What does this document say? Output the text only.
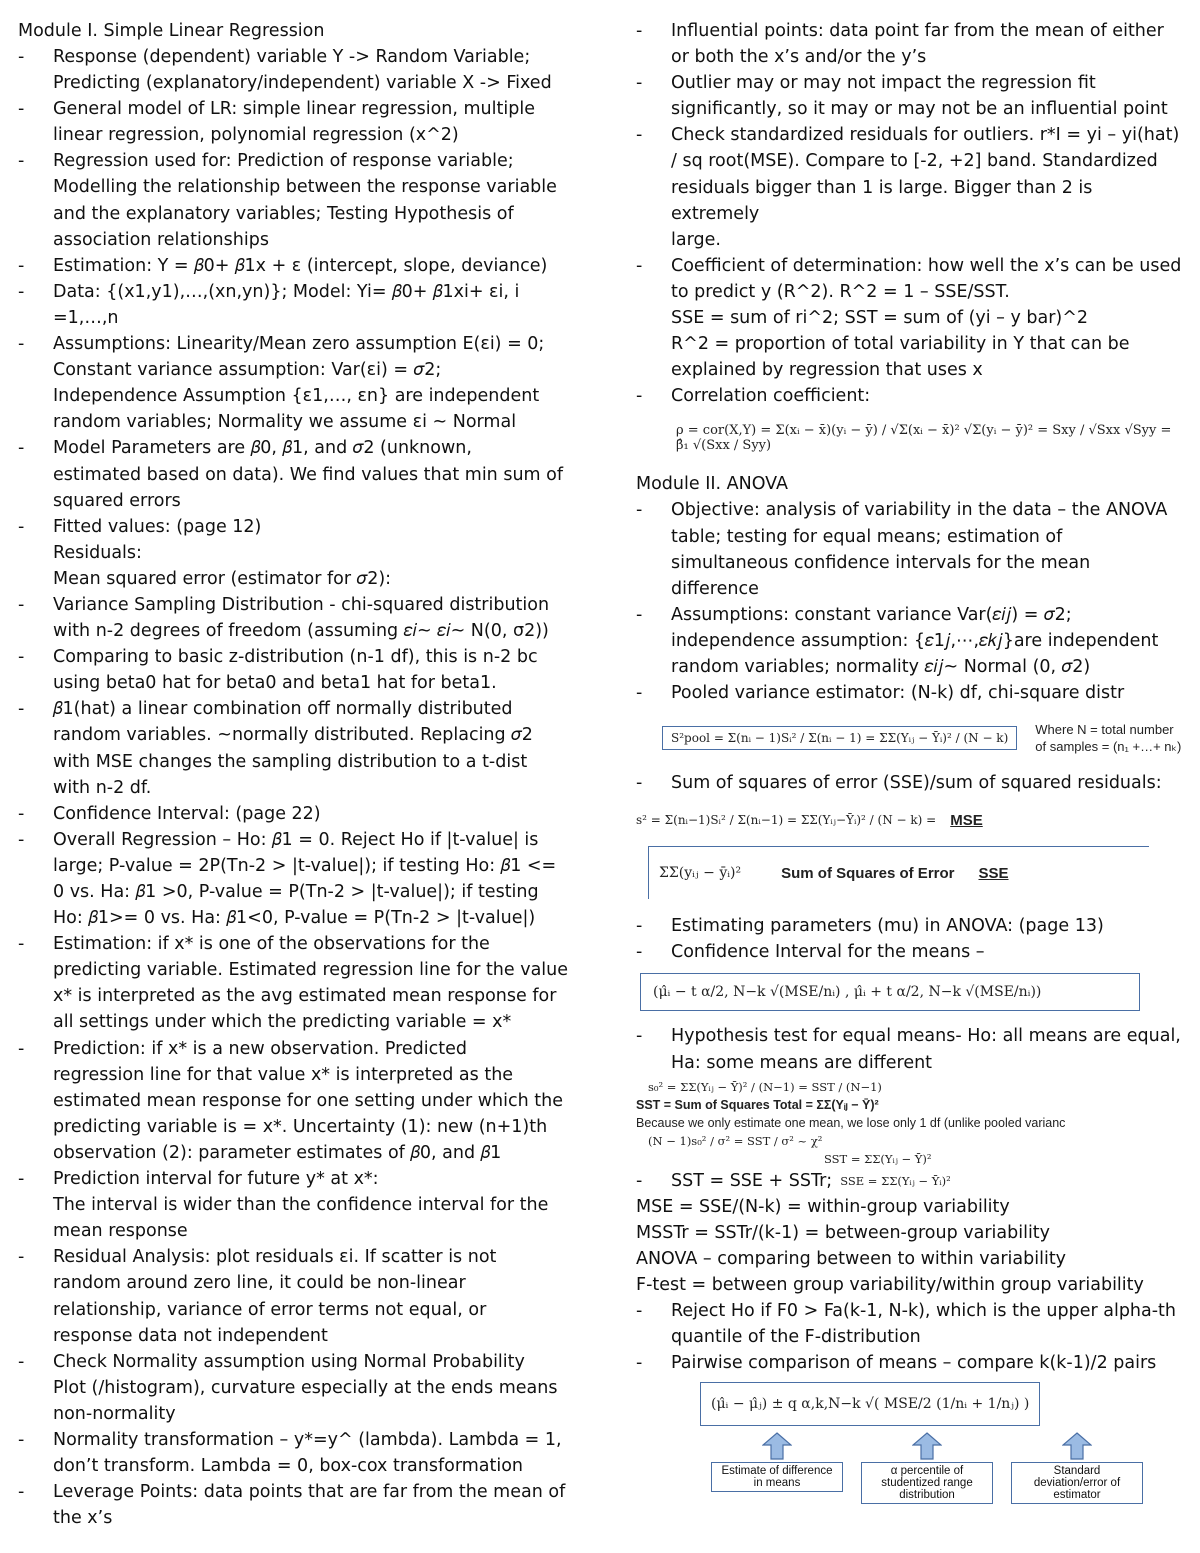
Module I. Simple Linear Regression

- Response (dependent) variable Y -> Random Variable;
Predicting (explanatory/independent) variable X -> Fixed

- General model of LR: simple linear regression, multiple
linear regression, polynomial regression (x^2)

- Regression used for: Prediction of response variable;
Modelling the relationship between the response variable
and the explanatory variables; Testing Hypothesis of
association relationships

- Estimation: Y = 𝛽0+ 𝛽1x + ε (intercept, slope, deviance)

- Data: {(x1,y1),…,(xn,yn)}; Model: Yi= 𝛽0+ 𝛽1xi+ εi, i =1,…,n

- Assumptions: Linearity/Mean zero assumption E(εi) = 0;
Constant variance assumption: Var(εi) = 𝜎2;
Independence Assumption {ε1,…, εn} are independent
random variables; Normality we assume εi ~ Normal

- Model Parameters are 𝛽0, 𝛽1, and 𝜎2 (unknown,
estimated based on data). We find values that min sum of
squared errors

- Fitted values: (page 12)
Residuals:
Mean squared error (estimator for 𝜎2):

- Variance Sampling Distribution - chi-squared distribution
with n-2 degrees of freedom (assuming 𝜀𝑖~ 𝜀𝑖~ N(0, σ2))

- Comparing to basic z-distribution (n-1 df), this is n-2 bc
using beta0 hat for beta0 and beta1 hat for beta1.

- 𝛽1(hat) a linear combination off normally distributed
random variables. ~normally distributed. Replacing 𝜎2
with MSE changes the sampling distribution to a t-dist
with n-2 df.

- Confidence Interval: (page 22)

- Overall Regression – Ho: 𝛽1 = 0. Reject Ho if |t-value| is
large; P-value = 2P(Tn-2 > |t-value|); if testing Ho: 𝛽1 <=
0 vs. Ha: 𝛽1 >0, P-value = P(Tn-2 > |t-value|); if testing
Ho: 𝛽1>= 0 vs. Ha: 𝛽1<0, P-value = P(Tn-2 > |t-value|)

- Estimation: if x* is one of the observations for the
predicting variable. Estimated regression line for the value
x* is interpreted as the avg estimated mean response for
all settings under which the predicting variable = x*

- Prediction: if x* is a new observation. Predicted
regression line for that value x* is interpreted as the
estimated mean response for one setting under which the
predicting variable is = x*. Uncertainty (1): new (n+1)th
observation (2): parameter estimates of 𝛽0, and 𝛽1

- Prediction interval for future y* at x*:
The interval is wider than the confidence interval for the
mean response

- Residual Analysis: plot residuals εi. If scatter is not
random around zero line, it could be non-linear
relationship, variance of error terms not equal, or
response data not independent

- Check Normality assumption using Normal Probability
Plot (/histogram), curvature especially at the ends means
non-normality

- Normality transformation – y*=y^ (lambda). Lambda = 1,
don’t transform. Lambda = 0, box-cox transformation

- Leverage Points: data points that are far from the mean of
the x’s

- Influential points: data point far from the mean of either
or both the x’s and/or the y’s

- Outlier may or may not impact the regression fit
significantly, so it may or may not be an influential point

- Check standardized residuals for outliers. r*I = yi – yi(hat)
/ sq root(MSE). Compare to [-2, +2] band. Standardized
residuals bigger than 1 is large. Bigger than 2 is extremely
large.

- Coefficient of determination: how well the x’s can be used
to predict y (R^2). R^2 = 1 – SSE/SST.
SSE = sum of ri^2; SST = sum of (yi – y bar)^2
R^2 = proportion of total variability in Y that can be
explained by regression that uses x

- Correlation coefficient:

ρ = cor(X,Y) = Σ(xᵢ − x̄)(yᵢ − ȳ) / √Σ(xᵢ − x̄)² √Σ(yᵢ − ȳ)² = Sxy / √Sxx √Syy = β̂₁ √(Sxx / Syy)

Module II. ANOVA

- Objective: analysis of variability in the data – the ANOVA
table; testing for equal means; estimation of
simultaneous confidence intervals for the mean
difference

- Assumptions: constant variance Var(𝜀𝑖𝑗) = 𝜎2;
independence assumption: {𝜀1𝑗,⋯,𝜀𝑘𝑗}are independent
random variables; normality 𝜀𝑖𝑗~ Normal (0, 𝜎2)

- Pooled variance estimator: (N-k) df, chi-square distr

S²pool = Σ(nᵢ − 1)Sᵢ² / Σ(nᵢ − 1) = ΣΣ(Yᵢⱼ − Ȳᵢ)² / (N − k)
Where N = total number
of samples = (n₁ +…+ nₖ)

- Sum of squares of error (SSE)/sum of squared residuals:

s² = Σ(nᵢ−1)Sᵢ² / Σ(nᵢ−1) = ΣΣ(Yᵢⱼ−Ȳᵢ)² / (N − k) = MSE
ΣΣ(yᵢⱼ − ȳᵢ)²	Sum of Squares of Error SSE

- Estimating parameters (mu) in ANOVA: (page 13)

- Confidence Interval for the means –

(μ̂ᵢ − t α/2, N−k √(MSE/nᵢ) , μ̂ᵢ + t α/2, N−k √(MSE/nᵢ))

- Hypothesis test for equal means- Ho: all means are equal,
Ha: some means are different

s₀² = ΣΣ(Yᵢⱼ − Ȳ)² / (N−1) = SST / (N−1)
SST = Sum of Squares Total = ΣΣ(Yᵢⱼ − Ȳ)²
Because we only estimate one mean, we lose only 1 df (unlike pooled varianc
(N − 1)s₀² / σ² = SST / σ² ~ χ²
SST = ΣΣ(Yᵢⱼ − Ȳ)²

- SST = SSE + SSTr; SSE = ΣΣ(Yᵢⱼ − Ȳᵢ)²

MSE = SSE/(N-k) = within-group variability

MSSTr = SSTr/(k-1) = between-group variability

ANOVA – comparing between to within variability

F-test = between group variability/within group variability

- Reject Ho if F0 > Fa(k-1, N-k), which is the upper alpha-th
quantile of the F-distribution

- Pairwise comparison of means – compare k(k-1)/2 pairs

(μ̂ᵢ − μ̂ⱼ) ± q α,k,N−k √( MSE/2 (1/nᵢ + 1/nⱼ) )
Estimate of difference in means
α percentile of studentized range distribution
Standard deviation/error of estimator
